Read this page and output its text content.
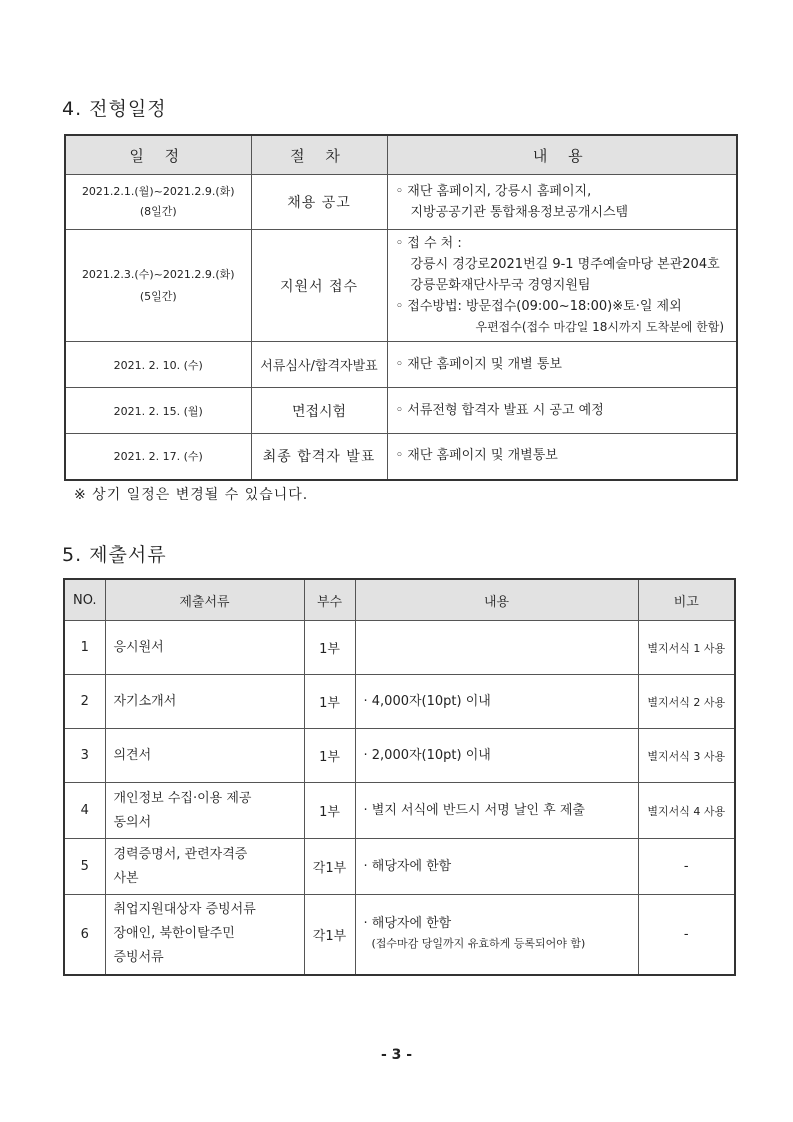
4. 전형일정
일 정	절 차	내 용

2021.2.1.(월)~2021.2.9.(화)
(8일간)	채용 공고	◦ 재단 홈페이지, 강릉시 홈페이지,
지방공공기관 통합채용정보공개시스템

2021.2.3.(수)~2021.2.9.(화)
(5일간)	지원서 접수	◦ 접 수 처 :
강릉시 경강로2021번길 9-1 명주예술마당 본관204호
강릉문화재단사무국 경영지원팀
◦ 접수방법: 방문접수(09:00~18:00)※토·일 제외
우편접수(접수 마감일 18시까지 도착분에 한함)

2021. 2. 10. (수)	서류심사/합격자발표	◦ 재단 홈페이지 및 개별 통보
2021. 2. 15. (월)	면접시험	◦ 서류전형 합격자 발표 시 공고 예정
2021. 2. 17. (수)	최종 합격자 발표	◦ 재단 홈페이지 및 개별통보
※ 상기 일정은 변경될 수 있습니다.
5. 제출서류
NO.	제출서류	부수	내용	비고
1	응시원서	1부		별지서식 1 사용
2	자기소개서	1부	· 4,000자(10pt) 이내	별지서식 2 사용
3	의견서	1부	· 2,000자(10pt) 이내	별지서식 3 사용
4	개인정보 수집·이용 제공
동의서	1부	· 별지 서식에 반드시 서명 날인 후 제출	별지서식 4 사용
5	경력증명서, 관련자격증
사본	각1부	· 해당자에 한함	-
6	취업지원대상자 증빙서류
장애인, 북한이탈주민
증빙서류	각1부	· 해당자에 한함
(접수마감 당일까지 유효하게 등록되어야 함)	-
- 3 -
